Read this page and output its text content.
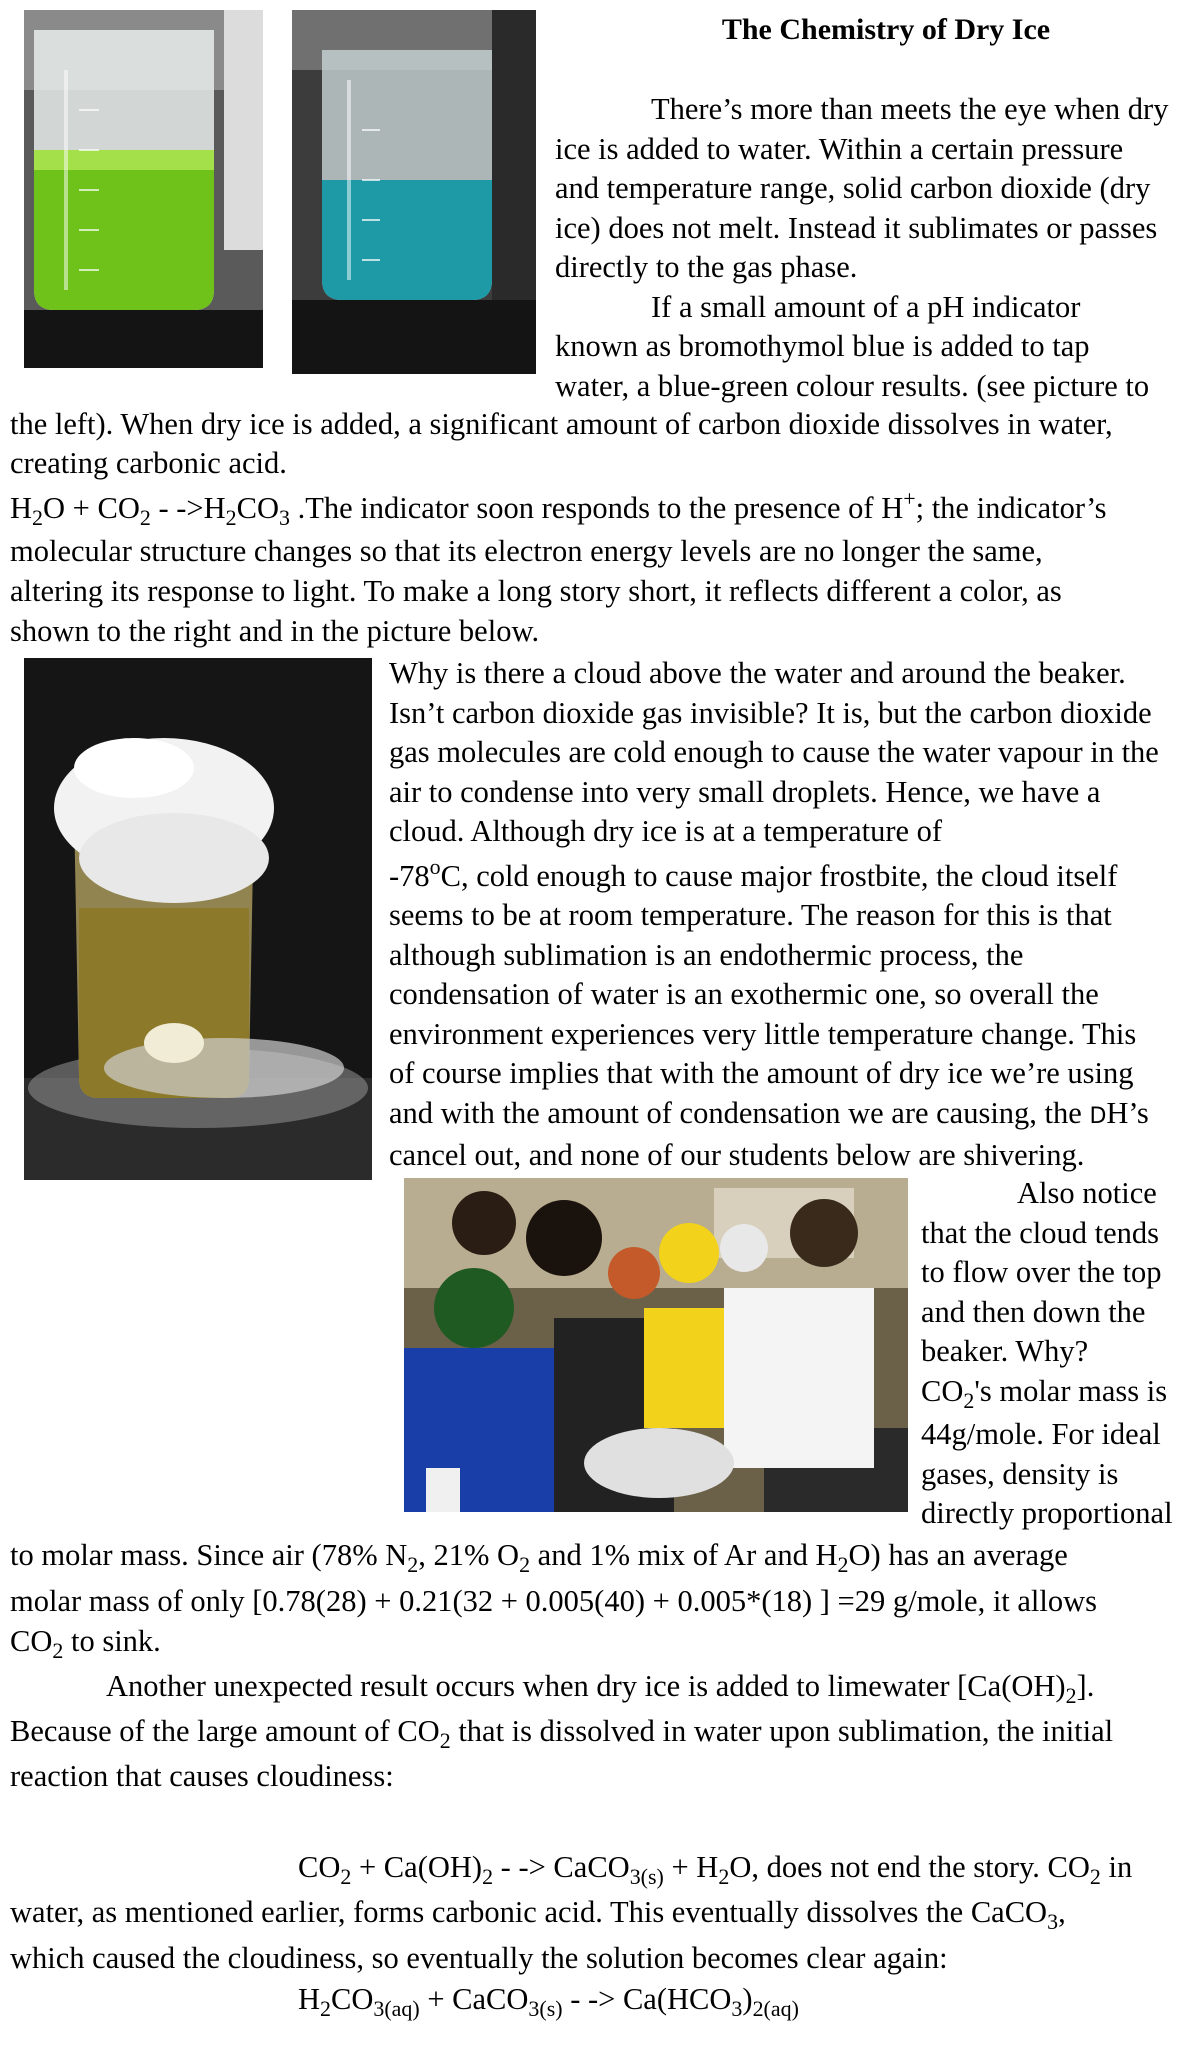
The Chemistry of Dry Ice
There’s more than meets the eye when dry
ice is added to water. Within a certain pressure
and temperature range, solid carbon dioxide (dry
ice) does not melt. Instead it sublimates or passes
directly to the gas phase.
If a small amount of a pH indicator
known as bromothymol blue is added to tap
water, a blue-green colour results. (see picture to
the left). When dry ice is added, a significant amount of carbon dioxide dissolves in water,
creating carbonic acid.
$H_2O + CO_2 - ->H_2CO_3$ .The indicator soon responds to the presence of H+; the indicator’s
molecular structure changes so that its electron energy levels are no longer the same,
altering its response to light. To make a long story short, it reflects different a color, as
shown to the right and in the picture below.
Why is there a cloud above the water and around the beaker.
Isn’t carbon dioxide gas invisible? It is, but the carbon dioxide
gas molecules are cold enough to cause the water vapour in the
air to condense into very small droplets. Hence, we have a
cloud. Although dry ice is at a temperature of
-78$^o$C, cold enough to cause major frostbite, the cloud itself
seems to be at room temperature. The reason for this is that
although sublimation is an endothermic process, the
condensation of water is an exothermic one, so overall the
environment experiences very little temperature change. This
of course implies that with the amount of dry ice we’re using
and with the amount of condensation we are causing, the DH’s
cancel out, and none of our students below are shivering.
Also notice
that the cloud tends
to flow over the top
and then down the
beaker. Why?
$CO_2's$ molar mass is
44g/mole. For ideal
gases, density is
directly proportional
to molar mass. Since air (78% $N_2$, 21% $O_2$ and 1% mix of Ar and $H_2O$) has an average
molar mass of only [0.78(28) + 0.21(32 + 0.005(40) + 0.005*(18) ] =29 g/mole, it allows
$CO_2$ to sink.
Another unexpected result occurs when dry ice is added to limewater $[Ca(OH)_2]$.
Because of the large amount of $CO_2$ that is dissolved in water upon sublimation, the initial
reaction that causes cloudiness:
$CO_2 + Ca(OH)_2$ - -> CaCO$_{3(s)}$ + $H_2O$, does not end the story. $CO_2$ in
water, as mentioned earlier, forms carbonic acid. This eventually dissolves the CaCO$_3$,
which caused the cloudiness, so eventually the solution becomes clear again:
$H_2CO_{3(aq)}$ + CaCO$_{3(s)}$ - -> $Ca(HCO_3)_{2(aq)}$
